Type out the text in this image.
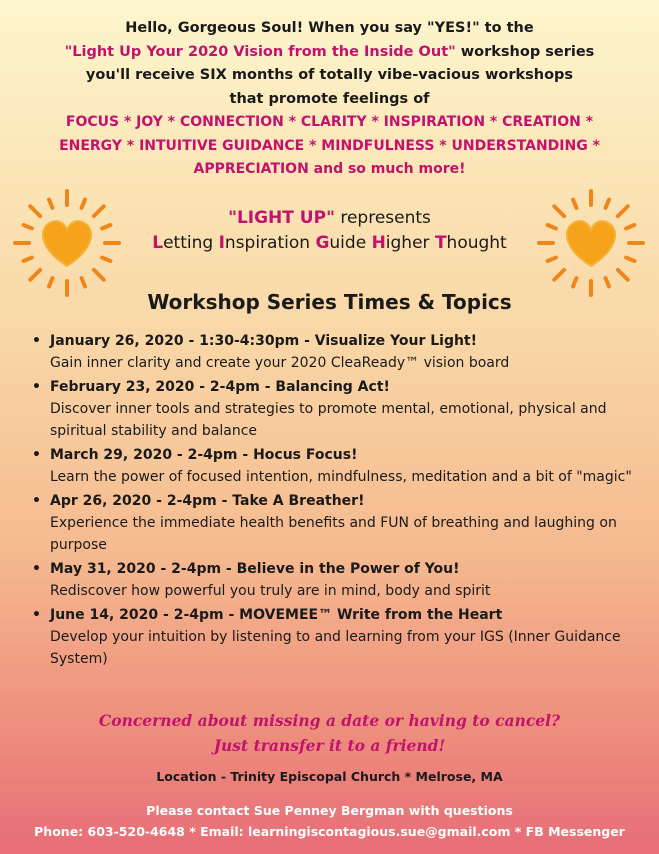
Hello, Gorgeous Soul! When you say "YES!" to the
"Light Up Your 2020 Vision from the Inside Out" workshop series
you'll receive SIX months of totally vibe-vacious workshops
that promote feelings of
FOCUS * JOY * CONNECTION * CLARITY * INSPIRATION * CREATION *
ENERGY * INTUITIVE GUIDANCE * MINDFULNESS * UNDERSTANDING *
APPRECIATION and so much more!
"LIGHT UP" represents
Letting Inspiration Guide Higher Thought
Workshop Series Times & Topics
• January 26, 2020 - 1:30-4:30pm - Visualize Your Light!
Gain inner clarity and create your 2020 CleaReady™ vision board
• February 23, 2020 - 2-4pm - Balancing Act!
Discover inner tools and strategies to promote mental, emotional, physical and spiritual stability and balance
• March 29, 2020 - 2-4pm - Hocus Focus!
Learn the power of focused intention, mindfulness, meditation and a bit of "magic"
• Apr 26, 2020 - 2-4pm - Take A Breather!
Experience the immediate health benefits and FUN of breathing and laughing on purpose
• May 31, 2020 - 2-4pm - Believe in the Power of You!
Rediscover how powerful you truly are in mind, body and spirit
• June 14, 2020 - 2-4pm - MOVEMEE™ Write from the Heart
Develop your intuition by listening to and learning from your IGS (Inner Guidance System)
Concerned about missing a date or having to cancel?
Just transfer it to a friend!
Location - Trinity Episcopal Church * Melrose, MA
Please contact Sue Penney Bergman with questions
Phone: 603-520-4648 * Email: learningiscontagious.sue@gmail.com * FB Messenger
